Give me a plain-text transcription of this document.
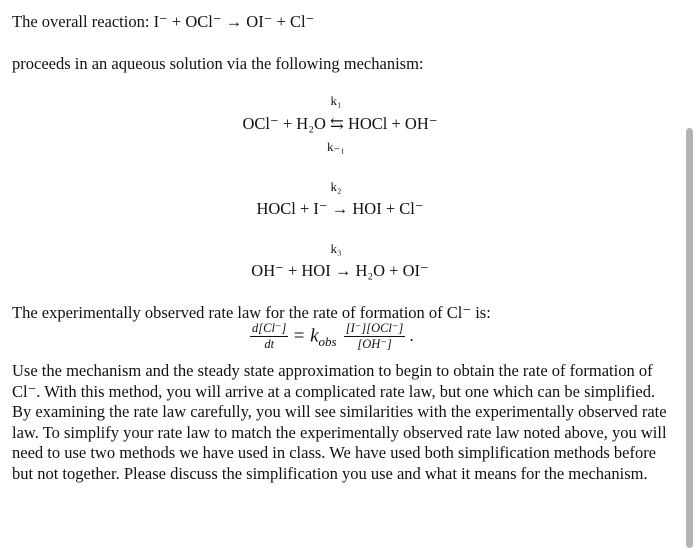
The overall reaction: I⁻ + OCl⁻ → OI⁻ + Cl⁻
proceeds in an aqueous solution via the following mechanism:
k₁
OCl⁻ + H₂O ⇆ HOCl + OH⁻
k₋₁
k₂
HOCl + I⁻ → HOI + Cl⁻
k₃
OH⁻ + HOI → H₂O + OI⁻
The experimentally observed rate law for the rate of formation of Cl⁻ is:
$\frac{d[Cl^-]}{dt} = k_{obs} \frac{\text{[I⁻][OCl⁻]}}{[OH^-]}$ .
Use the mechanism and the steady state approximation to begin to obtain the rate of formation of Cl⁻. With this method, you will arrive at a complicated rate law, but one which can be simplified. By examining the rate law carefully, you will see similarities with the experimentally observed rate law. To simplify your rate law to match the experimentally observed rate law noted above, you will need to use two methods we have used in class. We have used both simplification methods before but not together. Please discuss the simplification you use and what it means for the mechanism.
